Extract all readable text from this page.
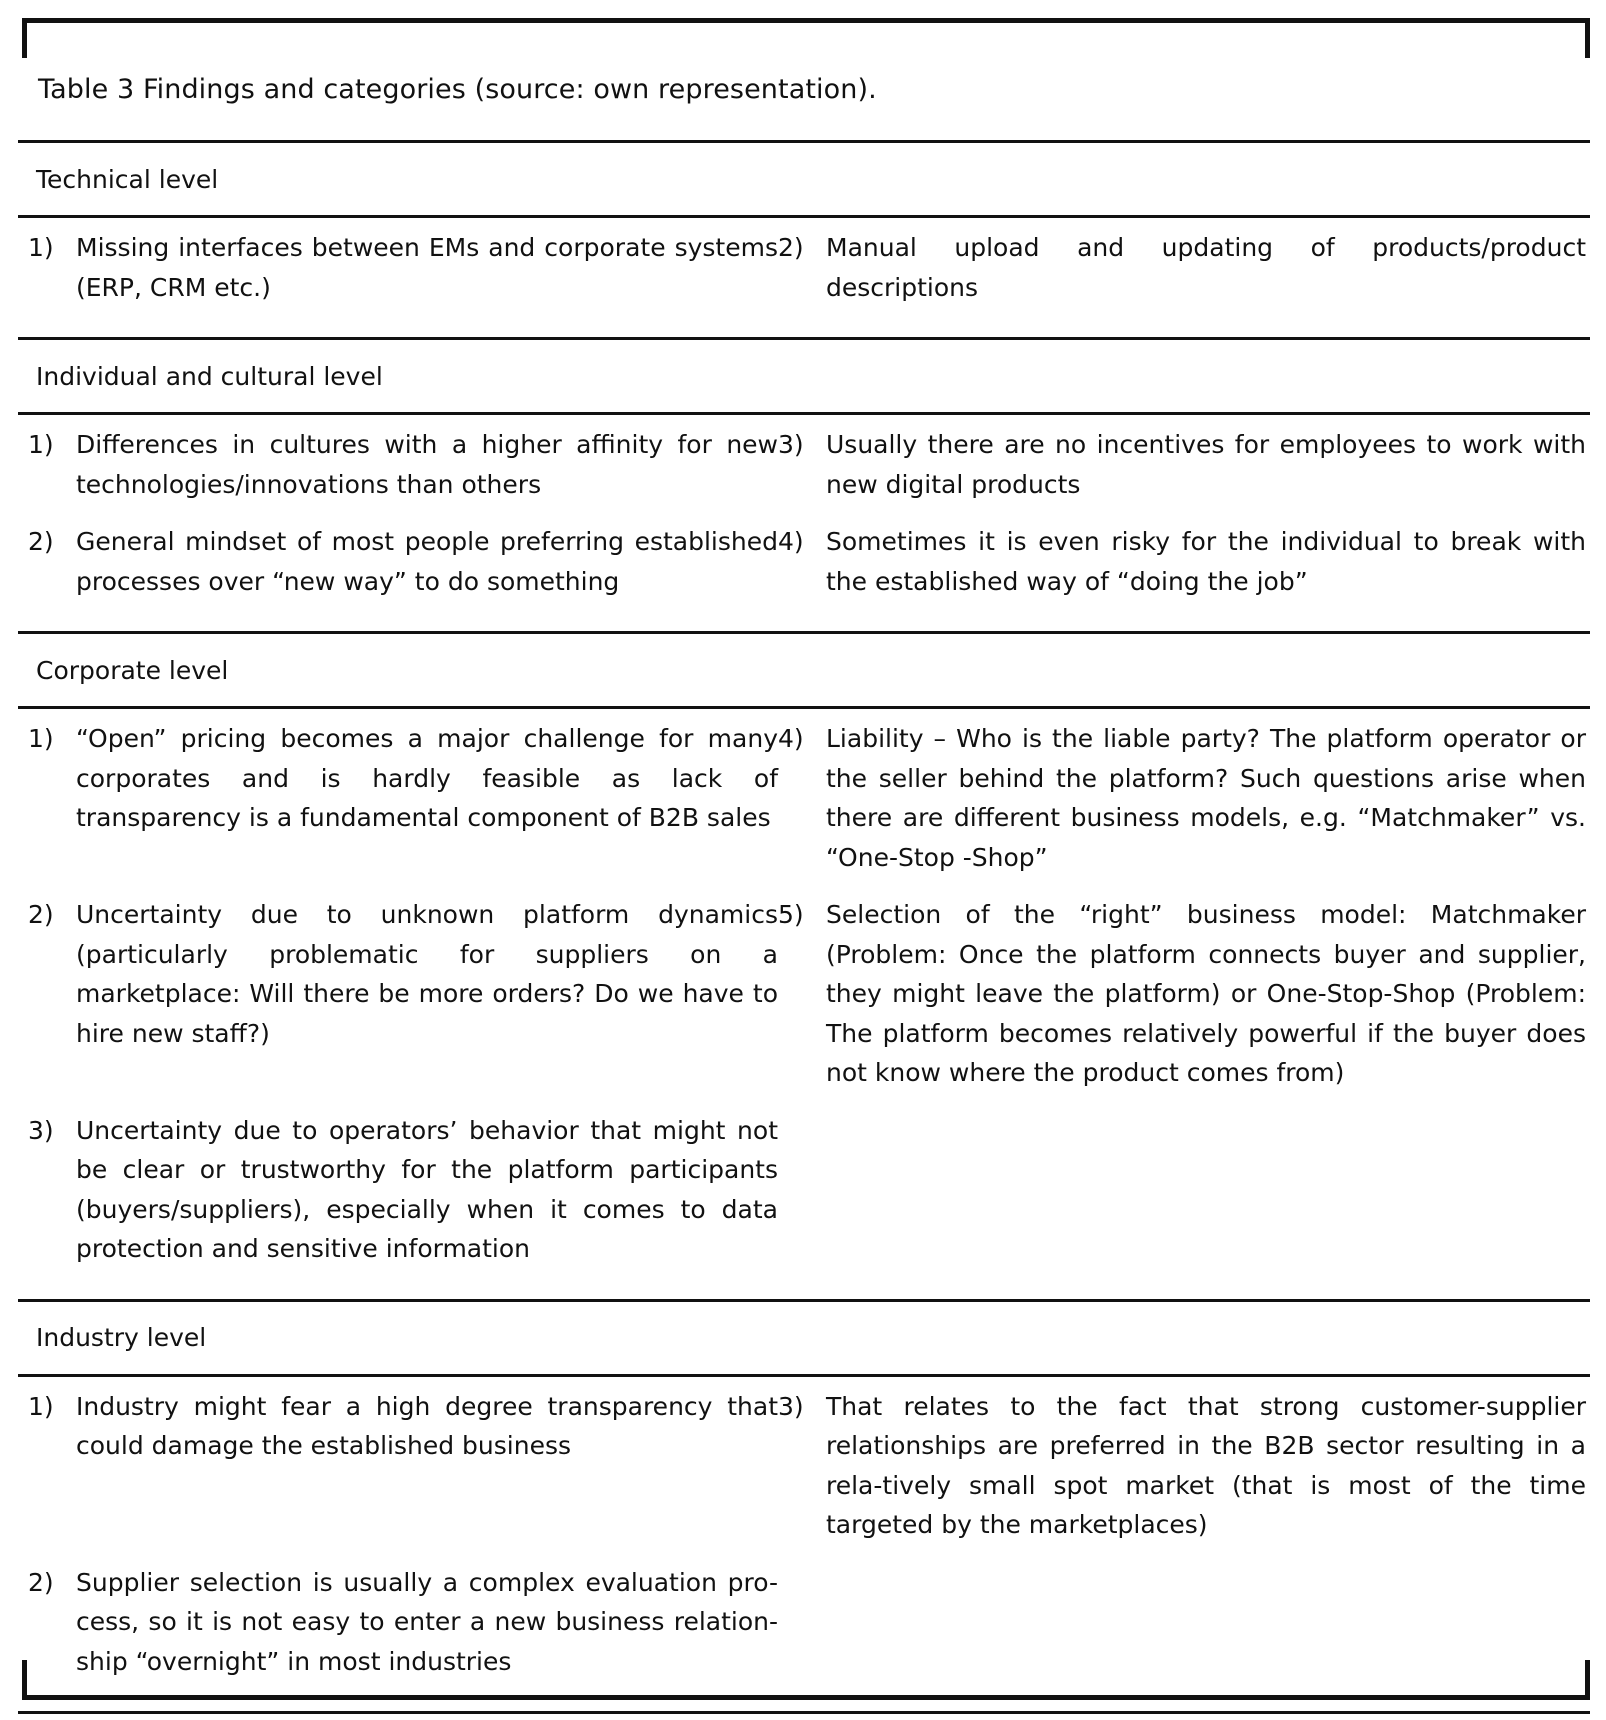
Table 3 Findings and categories (source: own representation).
Technical level
1) Missing interfaces between EMs and corporate systems (ERP, CRM etc.)
2) Manual upload and updating of products/product descriptions
Individual and cultural level
1) Differences in cultures with a higher affinity for new technologies/innovations than others
3) Usually there are no incentives for employees to work with new digital products
2) General mindset of most people preferring established processes over “new way” to do something
4) Sometimes it is even risky for the individual to break with the established way of “doing the job”
Corporate level
1) “Open” pricing becomes a major challenge for many corporates and is hardly feasible as lack of transparency is a fundamental component of B2B sales
4) Liability – Who is the liable party? The platform operator or the seller behind the platform? Such questions arise when there are different business models, e.g. “Matchmaker” vs. “One-Stop -Shop”
2) Uncertainty due to unknown platform dynamics (particularly problematic for suppliers on a marketplace: Will there be more orders? Do we have to hire new staff?)
5) Selection of the “right” business model: Matchmaker (Problem: Once the platform connects buyer and supplier, they might leave the platform) or One-Stop-Shop (Problem: The platform becomes relatively powerful if the buyer does not know where the product comes from)
3) Uncertainty due to operators’ behavior that might not be clear or trustworthy for the platform participants (buyers/suppliers), especially when it comes to data protection and sensitive information
Industry level
1) Industry might fear a high degree transparency that could damage the established business
3) That relates to the fact that strong customer-supplier relationships are preferred in the B2B sector resulting in a rela-tively small spot market (that is most of the time targeted by the marketplaces)
2) Supplier selection is usually a complex evaluation pro-cess, so it is not easy to enter a new business relation-ship “overnight” in most industries
